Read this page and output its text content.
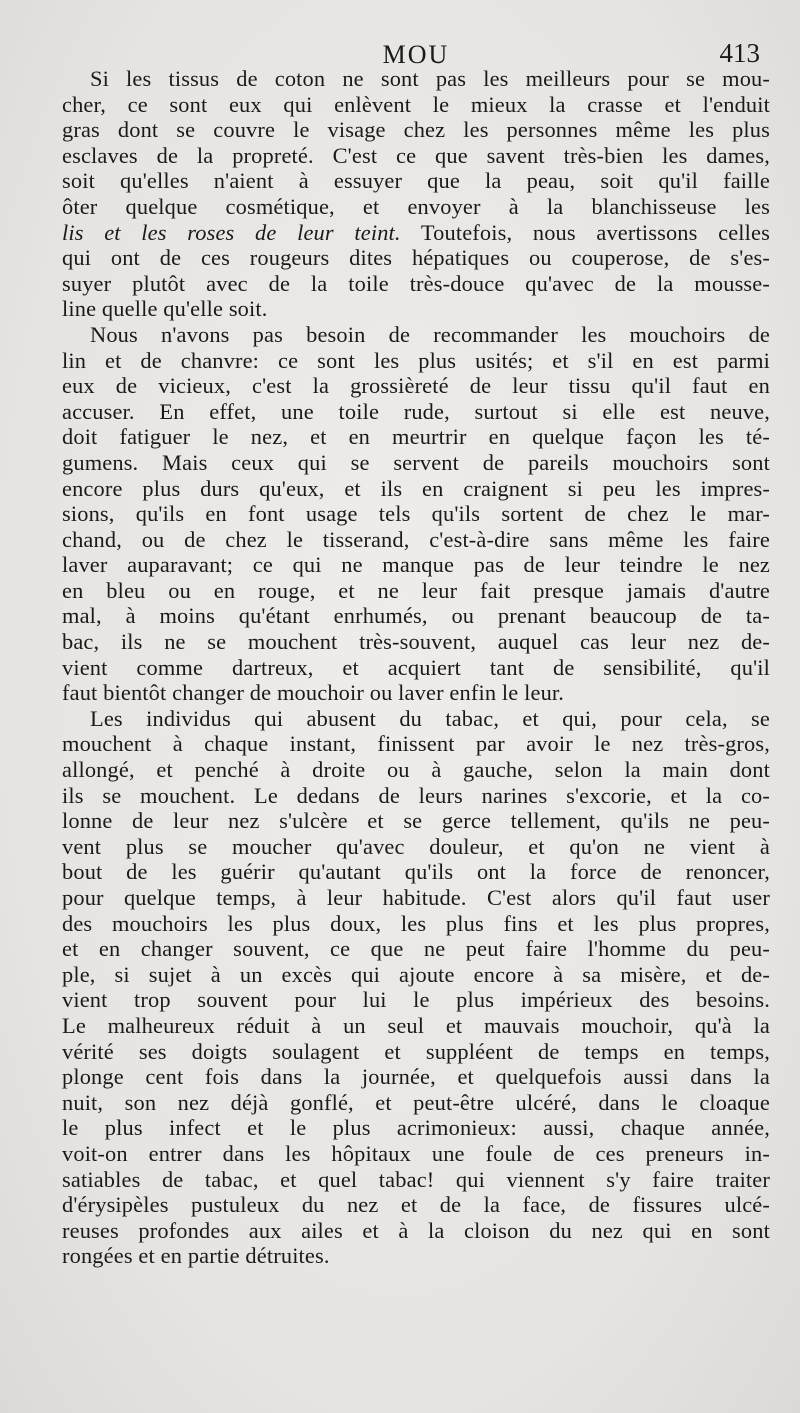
MOU	413
Si les tissus de coton ne sont pas les meilleurs pour se mou-
cher, ce sont eux qui enlèvent le mieux la crasse et l'enduit
gras dont se couvre le visage chez les personnes même les plus
esclaves de la propreté. C'est ce que savent très-bien les dames,
soit qu'elles n'aient à essuyer que la peau, soit qu'il faille
ôter quelque cosmétique, et envoyer à la blanchisseuse les
lis et les roses de leur teint. Toutefois, nous avertissons celles
qui ont de ces rougeurs dites hépatiques ou couperose, de s'es-
suyer plutôt avec de la toile très-douce qu'avec de la mousse-
line quelle qu'elle soit.
Nous n'avons pas besoin de recommander les mouchoirs de
lin et de chanvre: ce sont les plus usités; et s'il en est parmi
eux de vicieux, c'est la grossièreté de leur tissu qu'il faut en
accuser. En effet, une toile rude, surtout si elle est neuve,
doit fatiguer le nez, et en meurtrir en quelque façon les té-
gumens. Mais ceux qui se servent de pareils mouchoirs sont
encore plus durs qu'eux, et ils en craignent si peu les impres-
sions, qu'ils en font usage tels qu'ils sortent de chez le mar-
chand, ou de chez le tisserand, c'est-à-dire sans même les faire
laver auparavant; ce qui ne manque pas de leur teindre le nez
en bleu ou en rouge, et ne leur fait presque jamais d'autre
mal, à moins qu'étant enrhumés, ou prenant beaucoup de ta-
bac, ils ne se mouchent très-souvent, auquel cas leur nez de-
vient comme dartreux, et acquiert tant de sensibilité, qu'il
faut bientôt changer de mouchoir ou laver enfin le leur.
Les individus qui abusent du tabac, et qui, pour cela, se
mouchent à chaque instant, finissent par avoir le nez très-gros,
allongé, et penché à droite ou à gauche, selon la main dont
ils se mouchent. Le dedans de leurs narines s'excorie, et la co-
lonne de leur nez s'ulcère et se gerce tellement, qu'ils ne peu-
vent plus se moucher qu'avec douleur, et qu'on ne vient à
bout de les guérir qu'autant qu'ils ont la force de renoncer,
pour quelque temps, à leur habitude. C'est alors qu'il faut user
des mouchoirs les plus doux, les plus fins et les plus propres,
et en changer souvent, ce que ne peut faire l'homme du peu-
ple, si sujet à un excès qui ajoute encore à sa misère, et de-
vient trop souvent pour lui le plus impérieux des besoins.
Le malheureux réduit à un seul et mauvais mouchoir, qu'à la
vérité ses doigts soulagent et suppléent de temps en temps,
plonge cent fois dans la journée, et quelquefois aussi dans la
nuit, son nez déjà gonflé, et peut-être ulcéré, dans le cloaque
le plus infect et le plus acrimonieux: aussi, chaque année,
voit-on entrer dans les hôpitaux une foule de ces preneurs in-
satiables de tabac, et quel tabac! qui viennent s'y faire traiter
d'érysipèles pustuleux du nez et de la face, de fissures ulcé-
reuses profondes aux ailes et à la cloison du nez qui en sont
rongées et en partie détruites.
